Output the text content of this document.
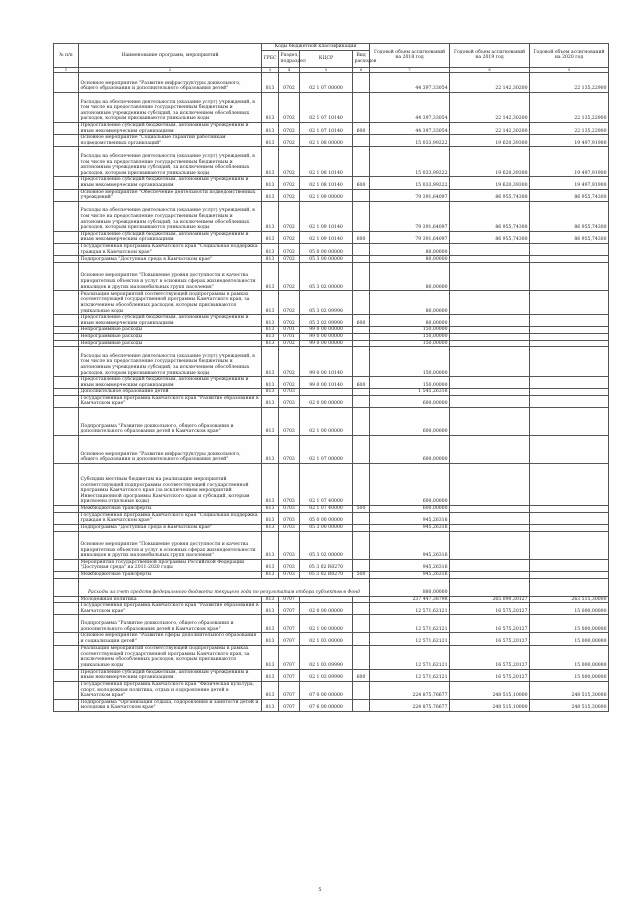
№ п/п	Наименование программ, мероприятий	Коды бюджетной классификации				Годовой объем ассигнований на 2018 год	Годовой объем ассигнований на 2019 год	Годовой объем ассигнований на 2020 год
		ГРБС	Раздел, подраздел	КЦСР	Вид расходов			
1	2	3	4	5	6	7	8	9
	Основное мероприятие "Развитие инфраструктуры дошкольного, общего образования и дополнительного образования детей"	813	0702	02 1 07 00000		44 397,33054	22 142,30200	22 135,22900
	Расходы на обеспечение деятельности (оказание услуг) учреждений, в том числе на предоставление государственным бюджетным и автономным учреждениям субсидий, за исключением обособленных расходов, которым присваиваются уникальные коды	813	0702	02 1 07 10140		44 397,33054	22 142,30200	22 135,22900
	Предоставление субсидий бюджетным, автономным учреждениям и иным некоммерческим организациям	813	0702	02 1 07 10140	600	44 397,33054	22 142,30200	22 135,22900
	Основное мероприятие "Социальные гарантии работникам подведомственных организаций"	813	0702	02 1 08 00000		15 033,99222	19 620,39300	19 497,91900
	Расходы на обеспечение деятельности (оказание услуг) учреждений, в том числе на предоставление государственным бюджетным и автономным учреждениям субсидий, за исключением обособленных расходов, которым присваиваются уникальные коды	813	0702	02 1 08 10140		15 033,99222	19 620,39300	19 497,91900
	Предоставление субсидий бюджетным, автономным учреждениям и иным некоммерческим организациям	813	0702	02 1 08 10140	600	15 033,99222	19 620,39300	19 497,91900
	Основное мероприятие "Обеспечение деятельности подведомственных учреждений"	813	0702	02 1 09 00000		79 391,64097	86 955,74300	86 955,74300
	Расходы на обеспечение деятельности (оказание услуг) учреждений, в том числе на предоставление государственным бюджетным и автономным учреждениям субсидий, за исключением обособленных расходов, которым присваиваются уникальные коды	813	0702	02 1 09 10140		79 391,64097	86 955,74300	86 955,74300
	Предоставление субсидий бюджетным, автономным учреждениям и иным некоммерческим организациям	813	0702	02 1 09 10140	600	79 391,64097	86 955,74300	86 955,74300
	Государственная программа Камчатского края "Социальная поддержка граждан в Камчатском крае"	813	0702	05 0 00 00000		80,00000		
	Подпрограмма "Доступная среда в Камчатском крае"	813	0702	05 3 00 00000		80,00000		
	Основное мероприятие "Повышение уровня доступности и качества приоритетных объектов и услуг в основных сферах жизнедеятельности инвалидов и других маломобильных групп населения"	813	0702	05 3 02 00000		80,00000		
	Реализация мероприятий соответствующей подпрограммы в рамках соответствующей государственной программы Камчатского края, за исключением обособленных расходов, которым присваиваются уникальные коды	813	0702	05 3 02 09990		80,00000		
	Предоставление субсидий бюджетным, автономным учреждениям и иным некоммерческим организациям	813	0702	05 3 02 09990	600	80,00000		
	Непрограммные расходы	813	0701	99 0 00 00000		150,00000		
	Непрограммные расходы	813	0701	99 0 00 00000		150,00000		
	Непрограммные расходы	813	0702	99 0 00 00000		150,00000		
	Расходы на обеспечение деятельности (оказание услуг) учреждений, в том числе на предоставление государственным бюджетным и автономным учреждениям субсидий, за исключением обособленных расходов, которым присваиваются уникальные коды	813	0702	99 0 00 10140		150,00000		
	Предоставление субсидий бюджетным, автономным учреждениям и иным некоммерческим организациям	813	0702	99 0 00 10140	600	150,00000		
	Дополнительное образование детей	813	0703			1 545,26316		
	Государственная программа Камчатского края "Развитие образования в Камчатском крае"	813	0703	02 0 00 00000		600,00000		
	Подпрограмма "Развитие дошкольного, общего образования и дополнительного образования детей в Камчатском крае"	813	0703	02 1 00 00000		600,00000		
	Основное мероприятие "Развитие инфраструктуры дошкольного, общего образования и дополнительного образования детей"	813	0703	02 1 07 00000		600,00000		
	Субсидии местным бюджетам на реализацию мероприятий соответствующей подпрограммы соответствующей государственной программы Камчатского края (за исключением мероприятий Инвестиционной программы Камчатского края и субсидий, которым присвоены отдельные коды)	813	0703	02 1 07 40000		600,00000		
	Межбюджетные трансферты	813	0703	02 1 07 40000	500	600,00000		
	Государственная программа Камчатского края "Социальная поддержка граждан в Камчатском крае"	813	0703	05 0 00 00000		945,26316		
	Подпрограмма "Доступная среда в Камчатском крае"	813	0703	05 3 00 00000		945,26316		
	Основное мероприятие "Повышение уровня доступности и качества приоритетных объектов и услуг в основных сферах жизнедеятельности инвалидов и других маломобильных групп населения"	813	0703	05 3 02 00000		945,26316		
	Мероприятия государственной программы Российской Федерации "Доступная среда" на 2011-2020 годы	813	0703	05 3 02 R0270		945,26316		
	Межбюджетные трансферты	813	0703	05 3 02 R0270	500	945,26316		
	Расходы за счет средств федерального бюджета текущего года по результатам отбора субъектов в Фонд					880,00000		
	Молодежная политика	813	0707			237 447,38798	265 090,30127	263 515,30000
	Государственная программа Камчатского края "Развитие образования в Камчатском крае"	813	0707	02 0 00 00000		12 571,62121	16 575,20127	15 000,00000
	Подпрограмма "Развитие дошкольного, общего образования и дополнительного образования детей в Камчатском крае"	813	0707	02 1 00 00000		12 571,62121	16 575,20127	15 000,00000
	Основное мероприятие "Развитие сферы дополнительного образования и социализации детей"	813	0707	02 1 03 00000		12 571,62121	16 575,20127	15 000,00000
	Реализация мероприятий соответствующей подпрограммы в рамках соответствующей государственной программы Камчатского края, за исключением обособленных расходов, которым присваиваются уникальные коды	813	0707	02 1 03 09990		12 571,62121	16 575,20127	15 000,00000
	Предоставление субсидий бюджетным, автономным учреждениям и иным некоммерческим организациям	813	0707	02 1 03 09990	600	12 571,62121	16 575,20127	15 000,00000
	Государственная программа Камчатского края "Физическая культура, спорт, молодежная политика, отдых и оздоровление детей в Камчатском крае"	813	0707	07 0 00 00000		224 875,76677	248 515,10000	248 515,30000
	Подпрограмма "Организация отдыха, оздоровления и занятости детей и молодежи в Камчатском крае"	813	0707	07 6 00 00000		224 875,76677	248 515,10000	248 515,30000
5
